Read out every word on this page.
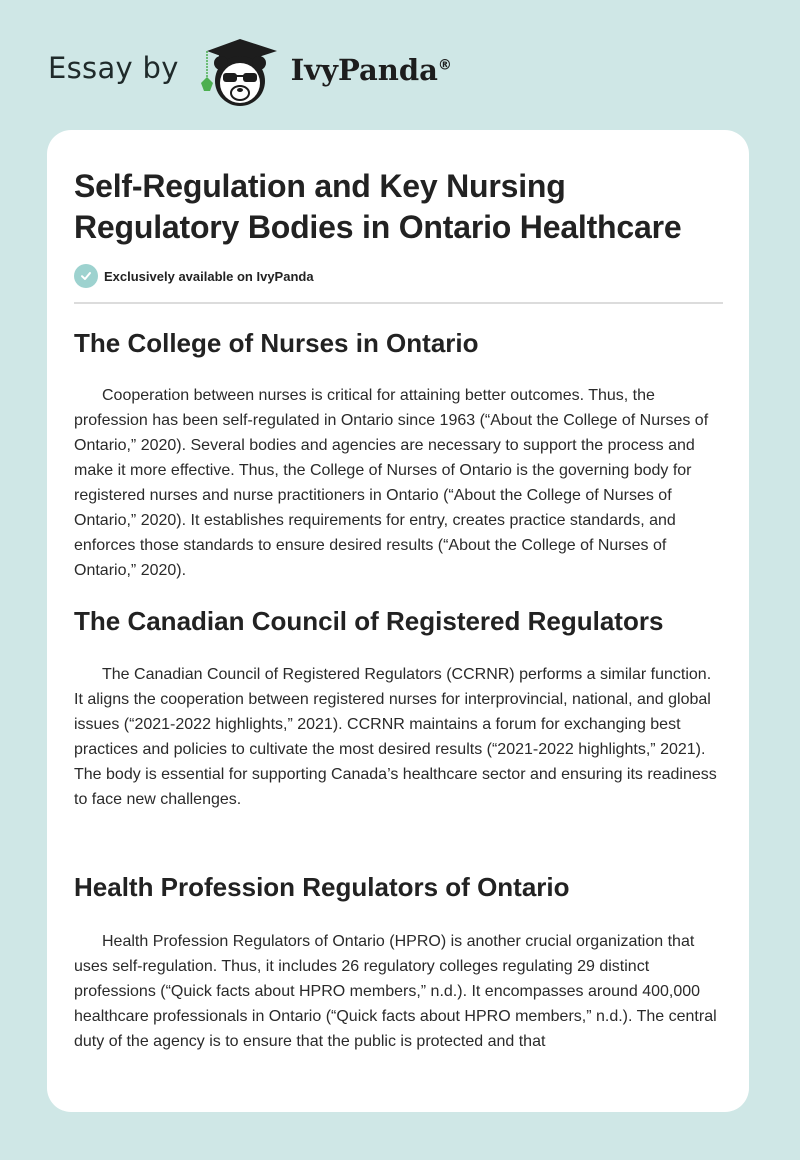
Essay by	IvyPanda®
Self-Regulation and Key Nursing Regulatory Bodies in Ontario Healthcare
Exclusively available on IvyPanda
The College of Nurses in Ontario

Cooperation between nurses is critical for attaining better outcomes. Thus, the profession has been self-regulated in Ontario since 1963 (“About the College of Nurses of Ontario,” 2020). Several bodies and agencies are necessary to support the process and make it more effective. Thus, the College of Nurses of Ontario is the governing body for registered nurses and nurse practitioners in Ontario (“About the College of Nurses of Ontario,” 2020). It establishes requirements for entry, creates practice standards, and enforces those standards to ensure desired results (“About the College of Nurses of Ontario,” 2020).

The Canadian Council of Registered Regulators

The Canadian Council of Registered Regulators (CCRNR) performs a similar function. It aligns the cooperation between registered nurses for interprovincial, national, and global issues (“2021-2022 highlights,” 2021). CCRNR maintains a forum for exchanging best practices and policies to cultivate the most desired results (“2021-2022 highlights,” 2021). The body is essential for supporting Canada’s healthcare sector and ensuring its readiness to face new challenges.

Health Profession Regulators of Ontario

Health Profession Regulators of Ontario (HPRO) is another crucial organization that uses self-regulation. Thus, it includes 26 regulatory colleges regulating 29 distinct professions (“Quick facts about HPRO members,” n.d.). It encompasses around 400,000 healthcare professionals in Ontario (“Quick facts about HPRO members,” n.d.). The central duty of the agency is to ensure that the public is protected and that
